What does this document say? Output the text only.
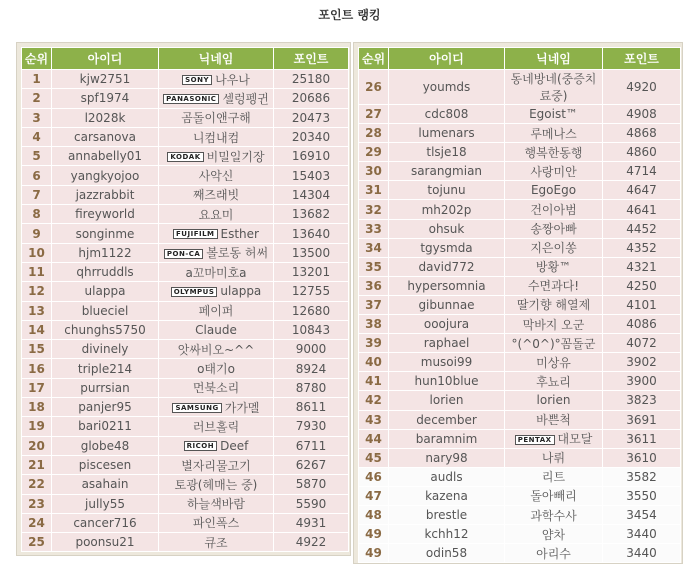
포인트 랭킹
순위	아이디	닉네임	포인트
1	kjw2751	SONY 나우나	25180
2	spf1974	PANASONIC 셀렁펭귄	20686
3	l2028k	곰돌이앤구해	20473
4	carsanova	니컴내컴	20340
5	annabelly01	KODAK 비밀일기장	16910
6	yangkyojoo	사악신	15403
7	jazzrabbit	째즈래빗	14304
8	fireyworld	요요미	13682
9	songinme	FUJIFILM Esther	13640
10	hjm1122	PON-CA 볼로동 허써	13500
11	qhrruddls	a꼬마미호a	13201
12	ulappa	OLYMPUS ulappa	12755
13	blueciel	페이퍼	12680
14	chunghs5750	Claude	10843
15	divinely	앗싸비오~^^	9000
16	triple214	o태기o	8924
17	purrsian	먼북소리	8780
18	panjer95	SAMSUNG 가가멜	8611
19	bari0211	러브홀릭	7930
20	globe48	RICOH Deef	6711
21	piscesen	별자리물고기	6267
22	asahain	토광(헤매는 중)	5870
23	jully55	하늘색바람	5590
24	cancer716	파인폭스	4931
25	poonsu21	큐조	4922
순위	아이디	닉네임	포인트
26	youmds	동네방네(중증치료중)	4920
27	cdc808	Egoist™	4908
28	lumenars	루메나스	4868
29	tlsje18	행복한동행	4860
30	sarangmian	사랑미안	4714
31	tojunu	EgoEgo	4647
32	mh202p	건이아범	4641
33	ohsuk	송짱아빠	4452
34	tgysmda	지은이쏭	4352
35	david772	방황™	4321
36	hypersomnia	수면과다!	4250
37	gibunnae	딸기향 해열제	4101
38	ooojura	막바지 오군	4086
39	raphael	°(^0^)°꼼돌군	4072
40	musoi99	미상유	3902
41	hun10blue	후뇨리	3900
42	lorien	lorien	3823
43	december	바쁜척	3691
44	baramnim	PENTAX 대모달	3611
45	nary98	나뤼	3610
46	audls	리트	3582
47	kazena	돌아빼리	3550
48	brestle	과학수사	3454
49	kchh12	얌차	3440
49	odin58	아리수	3440
